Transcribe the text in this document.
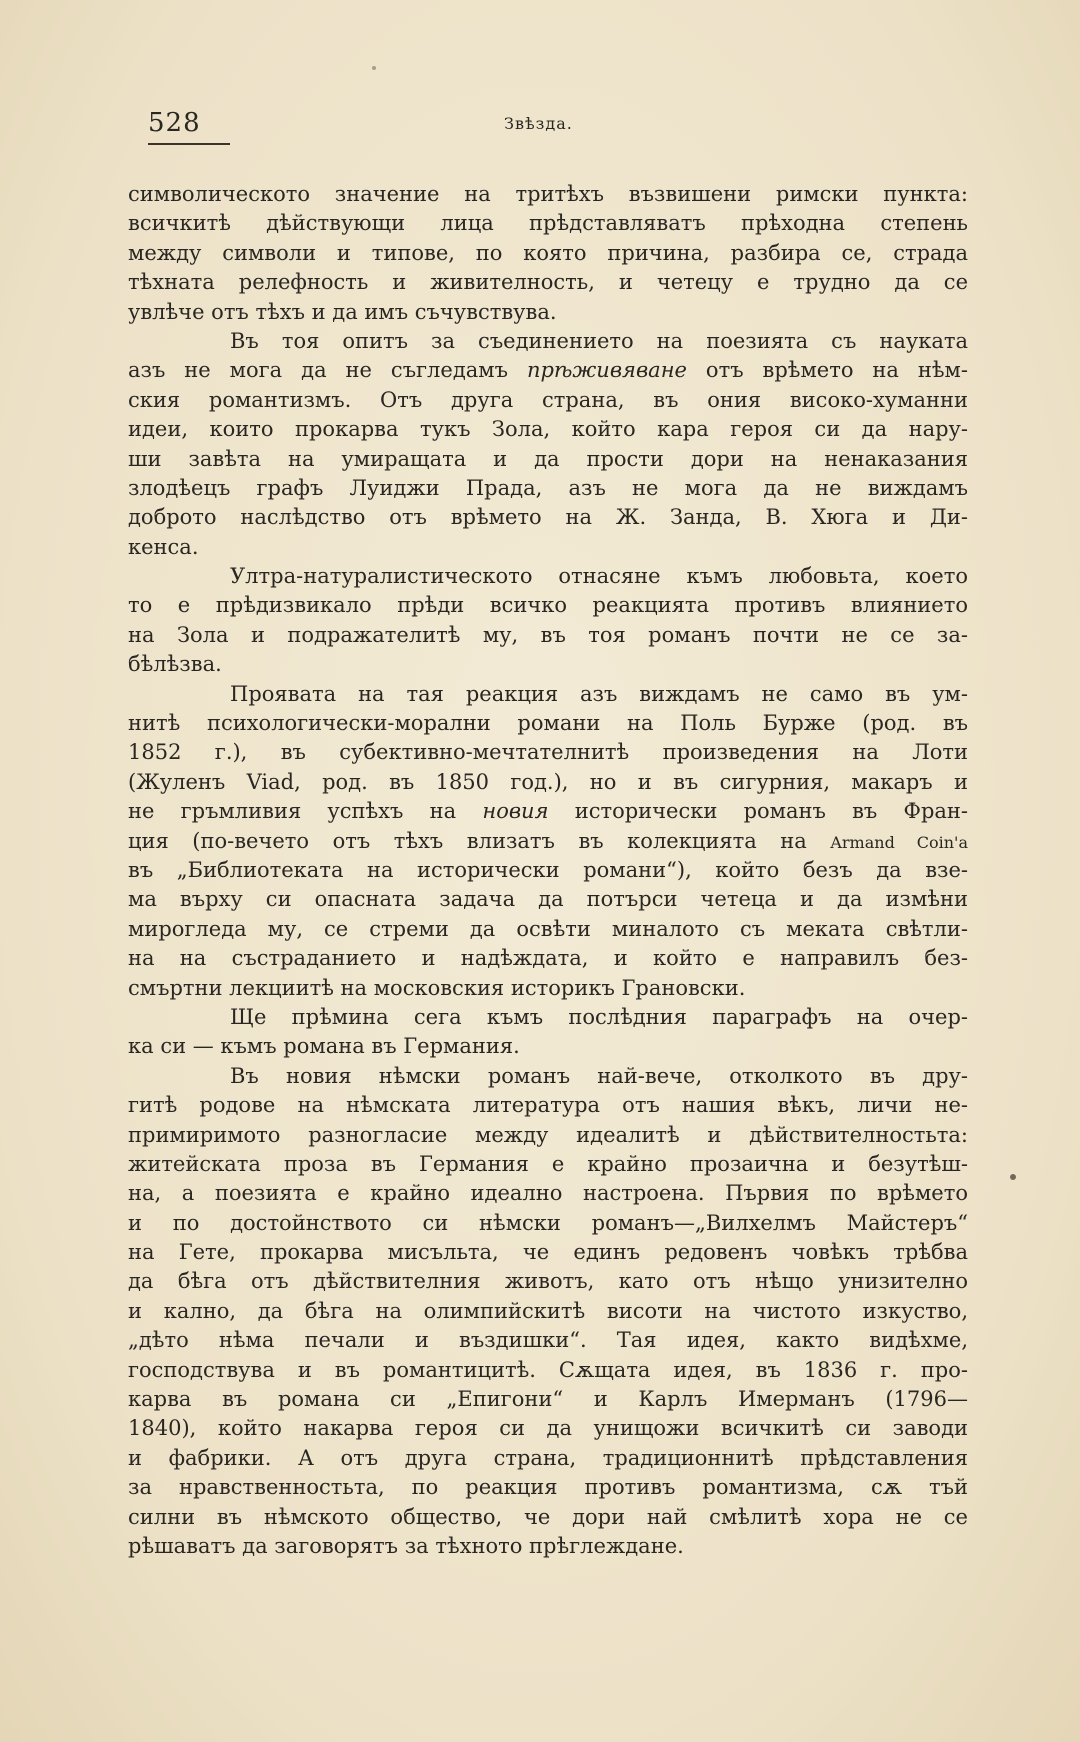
528	Звѣзда.
символическото значение на тритѣхъ възвишени римски пункта:
всичкитѣ дѣйствующи лица прѣдставляватъ прѣходна степень
между символи и типове, по която причина, разбира се, страда
тѣхната релефность и живителность, и четецу е трудно да се
увлѣче отъ тѣхъ и да имъ съчувствува.
Въ тоя опитъ за съединението на поезията съ науката
азъ не мога да не съгледамъ прѣживяване отъ врѣмето на нѣм-
ския романтизмъ. Отъ друга страна, въ ония високо-хуманни
идеи, които прокарва тукъ Зола, който кара героя си да нару-
ши завѣта на умиращата и да прости дори на ненаказания
злодѣецъ графъ Луиджи Прада, азъ не мога да не виждамъ
доброто наслѣдство отъ врѣмето на Ж. Занда, В. Хюга и Ди-
кенса.
Ултра-натуралистическото отнасяне къмъ любовьта, което
то е прѣдизвикало прѣди всичко реакцията противъ влиянието
на Зола и подражателитѣ му, въ тоя романъ почти не се за-
бѣлѣзва.
Проявата на тая реакция азъ виждамъ не само въ ум-
нитѣ психологически-морални романи на Поль Бурже (род. въ
1852 г.), въ субективно-мечтателнитѣ произведения на Лоти
(Жуленъ Viad, род. въ 1850 год.), но и въ сигурния, макаръ и
не гръмливия успѣхъ на новия исторически романъ въ Фран-
ция (по-вечето отъ тѣхъ влизатъ въ колекцията на Armand Coin'a
въ „Библиотеката на исторически романи“), който безъ да взе-
ма върху си опасната задача да потърси четеца и да измѣни
мирогледа му, се стреми да освѣти миналото съ меката свѣтли-
на на състраданието и надѣждата, и който е направилъ без-
смъртни лекциитѣ на московския историкъ Грановски.
Ще прѣмина сега къмъ послѣдния параграфъ на очер-
ка си — къмъ романа въ Германия.
Въ новия нѣмски романъ най-вече, отколкото въ дру-
гитѣ родове на нѣмската литература отъ нашия вѣкъ, личи не-
примиримото разногласие между идеалитѣ и дѣйствителностьта:
житейската проза въ Германия е крайно прозаична и безутѣш-
на, а поезията е крайно идеално настроена. Първия по врѣмето
и по достойнството си нѣмски романъ—„Вилхелмъ Майстеръ“
на Гете, прокарва мисъльта, че единъ редовенъ човѣкъ трѣбва
да бѣга отъ дѣйствителния животъ, като отъ нѣщо унизително
и кално, да бѣга на олимпийскитѣ висоти на чистото изкуство,
„дѣто нѣма печали и въздишки“. Тая идея, както видѣхме,
господствува и въ романтицитѣ. Сѫщата идея, въ 1836 г. про-
карва въ романа си „Епигони“ и Карлъ Имерманъ (1796—
1840), който накарва героя си да унищожи всичкитѣ си заводи
и фабрики. А отъ друга страна, традиционнитѣ прѣдставления
за нравственностьта, по реакция противъ романтизма, сѫ тъй
силни въ нѣмското общество, че дори най смѣлитѣ хора не се
рѣшаватъ да заговорятъ за тѣхното прѣглеждане.
